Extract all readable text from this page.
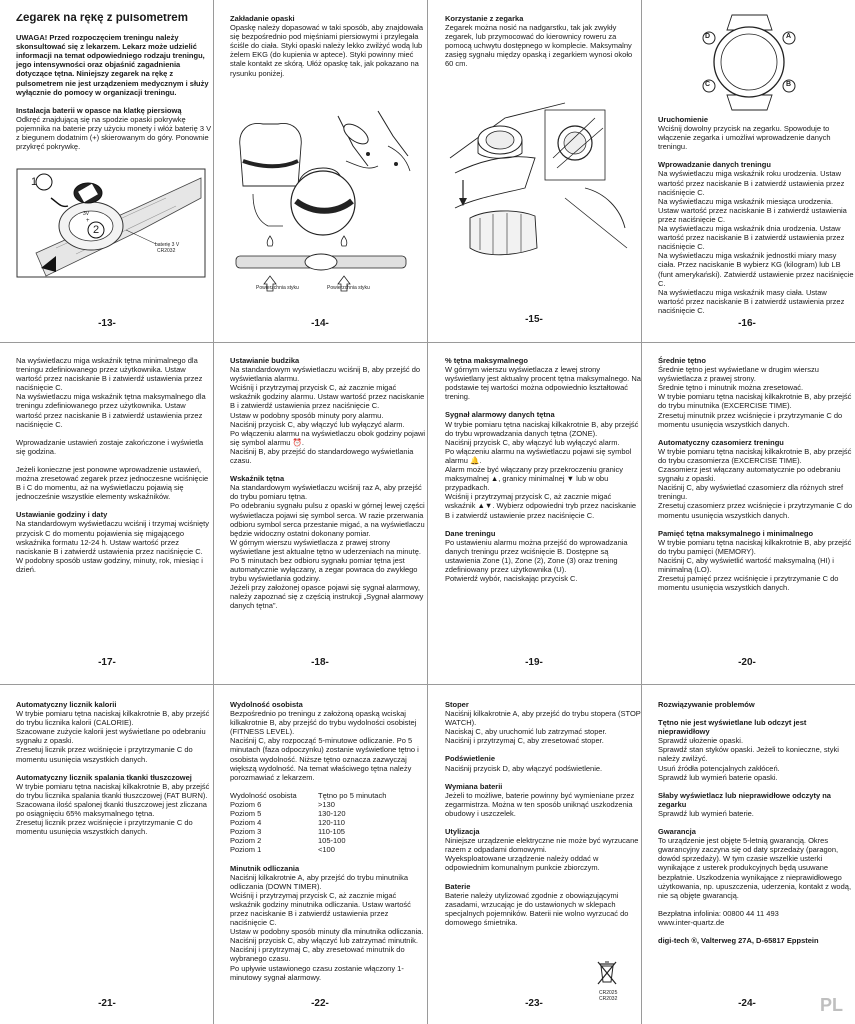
Zegarek na rękę z pulsometrem

UWAGA! Przed rozpoczęciem treningu należy skonsultować się z lekarzem. Lekarz może udzielić informacji na temat odpowiedniego rodzaju treningu, jego intensywności oraz objaśnić zagadnienia dotyczące tętna. Niniejszy zegarek na rękę z pulsometrem nie jest urządzeniem medycznym i służy wyłącznie do pomocy w organizacji treningu.

Instalacja baterii w opasce na klatkę piersiową

Odkręć znajdującą się na spodzie opaski pokrywkę pojemnika na baterie przy użyciu monety i włóż baterię 3 V z biegunem dodatnim (+) skierowanym do góry. Ponownie przykręć pokrywkę.

1
2
3V
+
baterię 3 V
CR2032
-13-

Zakładanie opaski

Opaskę należy dopasować w taki sposób, aby znajdowała się bezpośrednio pod mięśniami piersiowymi i przylegała ściśle do ciała. Styki opaski należy lekko zwilżyć wodą lub żelem EKG (do kupienia w aptece). Styki powinny mieć stale kontakt ze skórą. Ułóż opaskę tak, jak pokazano na rysunku poniżej.

Powierzchnia styku	Powierzchnia styku
-14-

Korzystanie z zegarka

Zegarek można nosić na nadgarstku, tak jak zwykły zegarek, lub przymocować do kierownicy roweru za pomocą uchwytu dostępnego w komplecie. Maksymalny zasięg sygnału między opaską i zegarkiem wynosi około 60 cm.

-15-
D	A
C	B

Uruchomienie

Wciśnij dowolny przycisk na zegarku. Spowoduje to włączenie zegarka i umożliwi wprowadzenie danych treningu.

Wprowadzanie danych treningu

Na wyświetlaczu miga wskaźnik roku urodzenia. Ustaw wartość przez naciskanie B i zatwierdź ustawienia przez naciśnięcie C.
Na wyświetlaczu miga wskaźnik miesiąca urodzenia. Ustaw wartość przez naciskanie B i zatwierdź ustawienia przez naciśnięcie C.
Na wyświetlaczu miga wskaźnik dnia urodzenia. Ustaw wartość przez naciskanie B i zatwierdź ustawienia przez naciśnięcie C.
Na wyświetlaczu miga wskaźnik jednostki miary masy ciała. Przez naciskanie B wybierz KG (kilogram) lub LB (funt amerykański). Zatwierdź ustawienie przez naciśnięcie C.
Na wyświetlaczu miga wskaźnik masy ciała. Ustaw wartość przez naciskanie B i zatwierdź ustawienia przez naciśnięcie C.

-16-

Na wyświetlaczu miga wskaźnik tętna minimalnego dla treningu zdefiniowanego przez użytkownika. Ustaw wartość przez naciskanie B i zatwierdź ustawienia przez naciśnięcie C.
Na wyświetlaczu miga wskaźnik tętna maksymalnego dla treningu zdefiniowanego przez użytkownika. Ustaw wartość przez naciskanie B i zatwierdź ustawienia przez naciśnięcie C.

Wprowadzanie ustawień zostaje zakończone i wyświetla się godzina.

Jeżeli konieczne jest ponowne wprowadzenie ustawień, można zresetować zegarek przez jednoczesne wciśnięcie B i C do momentu, aż na wyświetlaczu pojawią się jednocześnie wszystkie elementy wskaźników.

Ustawianie godziny i daty

Na standardowym wyświetlaczu wciśnij i trzymaj wciśnięty przycisk C do momentu pojawienia się migającego wskaźnika formatu 12-24 h. Ustaw wartość przez naciskanie B i zatwierdź ustawienia przez naciśnięcie C.
W podobny sposób ustaw godziny, minuty, rok, miesiąc i dzień.

-17-

Ustawianie budzika

Na standardowym wyświetlaczu wciśnij B, aby przejść do wyświetlania alarmu.
Wciśnij i przytrzymaj przycisk C, aż zacznie migać wskaźnik godziny alarmu. Ustaw wartość przez naciskanie B i zatwierdź ustawienia przez naciśnięcie C.
Ustaw w podobny sposób minuty pory alarmu.
Naciśnij przycisk C, aby włączyć lub wyłączyć alarm.
Po włączeniu alarmu na wyświetlaczu obok godziny pojawi się symbol alarmu ⏰.
Naciśnij B, aby przejść do standardowego wyświetlania czasu.

Wskaźnik tętna

Na standardowym wyświetlaczu wciśnij raz A, aby przejść do trybu pomiaru tętna.
Po odebraniu sygnału pulsu z opaski w górnej lewej części wyświetlacza pojawi się symbol serca. W razie przerwania odbioru symbol serca przestanie migać, a na wyświetlaczu będzie widoczny ostatni dokonany pomiar.
W górnym wierszu wyświetlacza z prawej strony wyświetlane jest aktualne tętno w uderzeniach na minutę.
Po 5 minutach bez odbioru sygnału pomiar tętna jest automatycznie wyłączany, a zegar powraca do zwykłego trybu wyświetlania godziny.
Jeżeli przy założonej opasce pojawi się sygnał alarmowy, należy zapoznać się z częścią instrukcji „Sygnał alarmowy danych tętna”.

-18-

% tętna maksymalnego

W górnym wierszu wyświetlacza z lewej strony wyświetlany jest aktualny procent tętna maksymalnego. Na podstawie tej wartości można odpowiednio kształtować trening.

Sygnał alarmowy danych tętna

W trybie pomiaru tętna naciskaj kilkakrotnie B, aby przejść do trybu wprowadzania danych tętna (ZONE).
Naciśnij przycisk C, aby włączyć lub wyłączyć alarm.
Po włączeniu alarmu na wyświetlaczu pojawi się symbol alarmu 🔔.
Alarm może być włączany przy przekroczeniu granicy maksymalnej ▲, granicy minimalnej ▼ lub w obu przypadkach.
Wciśnij i przytrzymaj przycisk C, aż zacznie migać wskaźnik ▲▼. Wybierz odpowiedni tryb przez naciskanie B i zatwierdź ustawienie przez naciśnięcie C.

Dane treningu

Po ustawieniu alarmu można przejść do wprowadzania danych treningu przez wciśnięcie B. Dostępne są ustawienia Zone (1), Zone (2), Zone (3) oraz trening zdefiniowany przez użytkownika (U).
Potwierdź wybór, naciskając przycisk C.

-19-

Średnie tętno

Średnie tętno jest wyświetlane w drugim wierszu wyświetlacza z prawej strony.
Średnie tętno i minutnik można zresetować.
W trybie pomiaru tętna naciskaj kilkakrotnie B, aby przejść do trybu minutnika (EXCERCISE TIME).
Zresetuj minutnik przez wciśnięcie i przytrzymanie C do momentu usunięcia wszystkich danych.

Automatyczny czasomierz treningu

W trybie pomiaru tętna naciskaj kilkakrotnie B, aby przejść do trybu czasomierza (EXCERCISE TIME).
Czasomierz jest włączany automatycznie po odebraniu sygnału z opaski.
Naciśnij C, aby wyświetlać czasomierz dla różnych stref treningu.
Zresetuj czasomierz przez wciśnięcie i przytrzymanie C do momentu usunięcia wszystkich danych.

Pamięć tętna maksymalnego i minimalnego

W trybie pomiaru tętna naciskaj kilkakrotnie B, aby przejść do trybu pamięci (MEMORY).
Naciśnij C, aby wyświetlić wartość maksymalną (HI) i minimalną (LO).
Zresetuj pamięć przez wciśnięcie i przytrzymanie C do momentu usunięcia wszystkich danych.

-20-

Automatyczny licznik kalorii

W trybie pomiaru tętna naciskaj kilkakrotnie B, aby przejść do trybu licznika kalorii (CALORIE).
Szacowane zużycie kalorii jest wyświetlane po odebraniu sygnału z opaski.
Zresetuj licznik przez wciśnięcie i przytrzymanie C do momentu usunięcia wszystkich danych.

Automatyczny licznik spalania tkanki tłuszczowej

W trybie pomiaru tętna naciskaj kilkakrotnie B, aby przejść do trybu licznika spalania tkanki tłuszczowej (FAT BURN).
Szacowana ilość spalonej tkanki tłuszczowej jest zliczana po osiągnięciu 65% maksymalnego tętna.
Zresetuj licznik przez wciśnięcie i przytrzymanie C do momentu usunięcia wszystkich danych.

-21-

Wydolność osobista

Bezpośrednio po treningu z założoną opaską wciskaj kilkakrotnie B, aby przejść do trybu wydolności osobistej (FITNESS LEVEL).
Naciśnij C, aby rozpocząć 5-minutowe odliczanie. Po 5 minutach (faza odpoczynku) zostanie wyświetlone tętno i osobista wydolność. Niższe tętno oznacza zazwyczaj większą wydolność. Na temat właściwego tętna należy porozmawiać z lekarzem.

Wydolność osobista	Tętno po 5 minutach
Poziom 6	>130
Poziom 5	130-120
Poziom 4	120-110
Poziom 3	110-105
Poziom 2	105-100
Poziom 1	<100

Minutnik odliczania

Naciśnij kilkakrotnie A, aby przejść do trybu minutnika odliczania (DOWN TIMER).
Wciśnij i przytrzymaj przycisk C, aż zacznie migać wskaźnik godziny minutnika odliczania. Ustaw wartość przez naciskanie B i zatwierdź ustawienia przez naciśnięcie C.
Ustaw w podobny sposób minuty dla minutnika odliczania.
Naciśnij przycisk C, aby włączyć lub zatrzymać minutnik. Naciśnij i przytrzymaj C, aby zresetować minutnik do wybranego czasu.
Po upływie ustawionego czasu zostanie włączony 1-minutowy sygnał alarmowy.

-22-

Stoper

Naciśnij kilkakrotnie A, aby przejść do trybu stopera (STOP WATCH).
Naciskaj C, aby uruchomić lub zatrzymać stoper.
Naciśnij i przytrzymaj C, aby zresetować stoper.

Podświetlenie

Naciśnij przycisk D, aby włączyć podświetlenie.

Wymiana baterii

Jeżeli to możliwe, baterie powinny być wymieniane przez zegarmistrza. Można w ten sposób uniknąć uszkodzenia obudowy i uszczelek.

Utylizacja

Niniejsze urządzenie elektryczne nie może być wyrzucane razem z odpadami domowymi.
Wyeksploatowane urządzenie należy oddać w odpowiednim komunalnym punkcie zbiorczym.

Baterie

Baterie należy utylizować zgodnie z obowiązującymi zasadami, wrzucając je do ustawionych w sklepach specjalnych pojemników. Baterii nie wolno wyrzucać do domowego śmietnika.

CR2025
CR2032
-23-

Rozwiązywanie problemów

Tętno nie jest wyświetlane lub odczyt jest nieprawidłowy

Sprawdź ułożenie opaski.
Sprawdź stan styków opaski. Jeżeli to konieczne, styki należy zwilżyć.
Usuń źródła potencjalnych zakłóceń.
Sprawdź lub wymień baterie opaski.

Słaby wyświetlacz lub nieprawidłowe odczyty na zegarku

Sprawdź lub wymień baterie.

Gwarancja

To urządzenie jest objęte 5-letnią gwarancją. Okres gwarancyjny zaczyna się od daty sprzedaży (paragon, dowód sprzedaży). W tym czasie wszelkie usterki wynikające z usterek produkcyjnych będą usuwane bezpłatnie. Uszkodzenia wynikające z nieprawidłowego użytkowania, np. upuszczenia, uderzenia, kontakt z wodą, nie są objęte gwarancją.

Bezpłatna infolinia: 00800 44 11 493
www.inter-quartz.de

digi-tech ®, Valterweg 27A, D-65817 Eppstein

-24-	PL
